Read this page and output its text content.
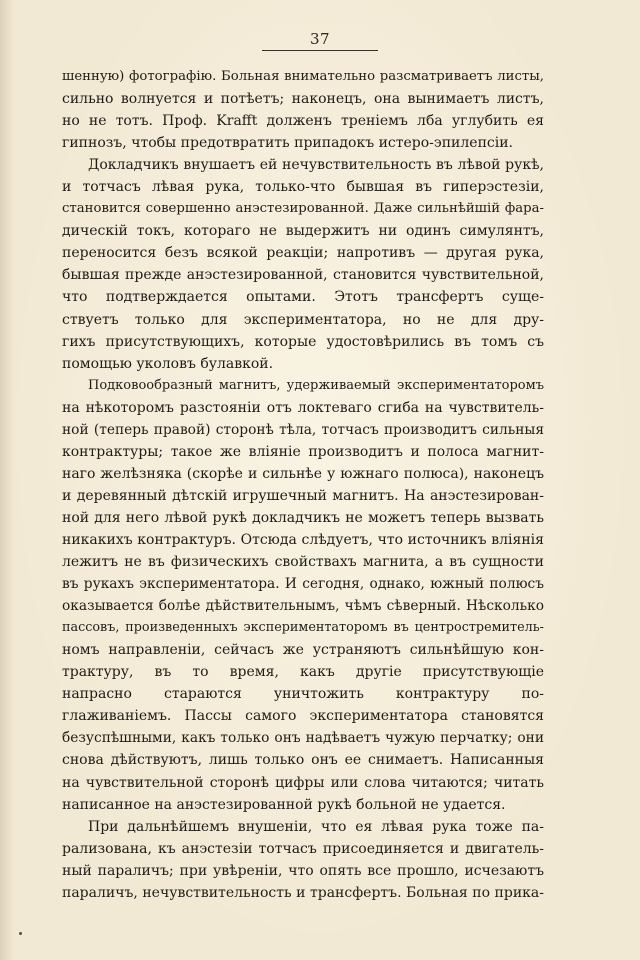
37
шенную) фотографію. Больная внимательно разсматриваетъ листы,
сильно волнуется и потѣетъ; наконецъ, она вынимаетъ листъ,
но не тотъ. Проф. Krafft долженъ треніемъ лба углубить ея
гипнозъ, чтобы предотвратить припадокъ истеро-эпилепсіи.
Докладчикъ внушаетъ ей нечувствительность въ лѣвой рукѣ,
и тотчасъ лѣвая рука, только-что бывшая въ гиперэстезіи,
становится совершенно анэстезированной. Даже сильнѣйшій фара-
дическій токъ, котораго не выдержитъ ни одинъ симулянтъ,
переносится безъ всякой реакціи; напротивъ — другая рука,
бывшая прежде анэстезированной, становится чувствительной,
что подтверждается опытами. Этотъ трансфертъ суще-
ствуетъ только для экспериментатора, но не для дру-
гихъ присутствующихъ, которые удостовѣрились въ томъ съ
помощью уколовъ булавкой.
Подковообразный магнитъ, удерживаемый экспериментаторомъ
на нѣкоторомъ разстояніи отъ локтеваго сгиба на чувствитель-
ной (теперь правой) сторонѣ тѣла, тотчасъ производитъ сильныя
контрактуры; такое же вліяніе производитъ и полоса магнит-
наго желѣзняка (скорѣе и сильнѣе у южнаго полюса), наконецъ
и деревянный дѣтскій игрушечный магнитъ. На анэстезирован-
ной для него лѣвой рукѣ докладчикъ не можетъ теперь вызвать
никакихъ контрактуръ. Отсюда слѣдуетъ, что источникъ вліянія
лежитъ не въ физическихъ свойствахъ магнита, а въ сущности
въ рукахъ экспериментатора. И сегодня, однако, южный полюсъ
оказывается болѣе дѣйствительнымъ, чѣмъ сѣверный. Нѣсколько
пассовъ, произведенныхъ экспериментаторомъ въ центростремитель-
номъ направленіи, сейчасъ же устраняютъ сильнѣйшую кон-
трактуру, въ то время, какъ другіе присутствующіе
напрасно стараются уничтожить контрактуру по-
глаживаніемъ. Пассы самого экспериментатора становятся
безуспѣшными, какъ только онъ надѣваетъ чужую перчатку; они
снова дѣйствуютъ, лишь только онъ ее снимаетъ. Написанныя
на чувствительной сторонѣ цифры или слова читаются; читать
написанное на анэстезированной рукѣ больной не удается.
При дальнѣйшемъ внушеніи, что ея лѣвая рука тоже па-
рализована, къ анэстезіи тотчасъ присоединяется и двигатель-
ный параличъ; при увѣреніи, что опять все прошло, исчезаютъ
параличъ, нечувствительность и трансфертъ. Больная по прика-
